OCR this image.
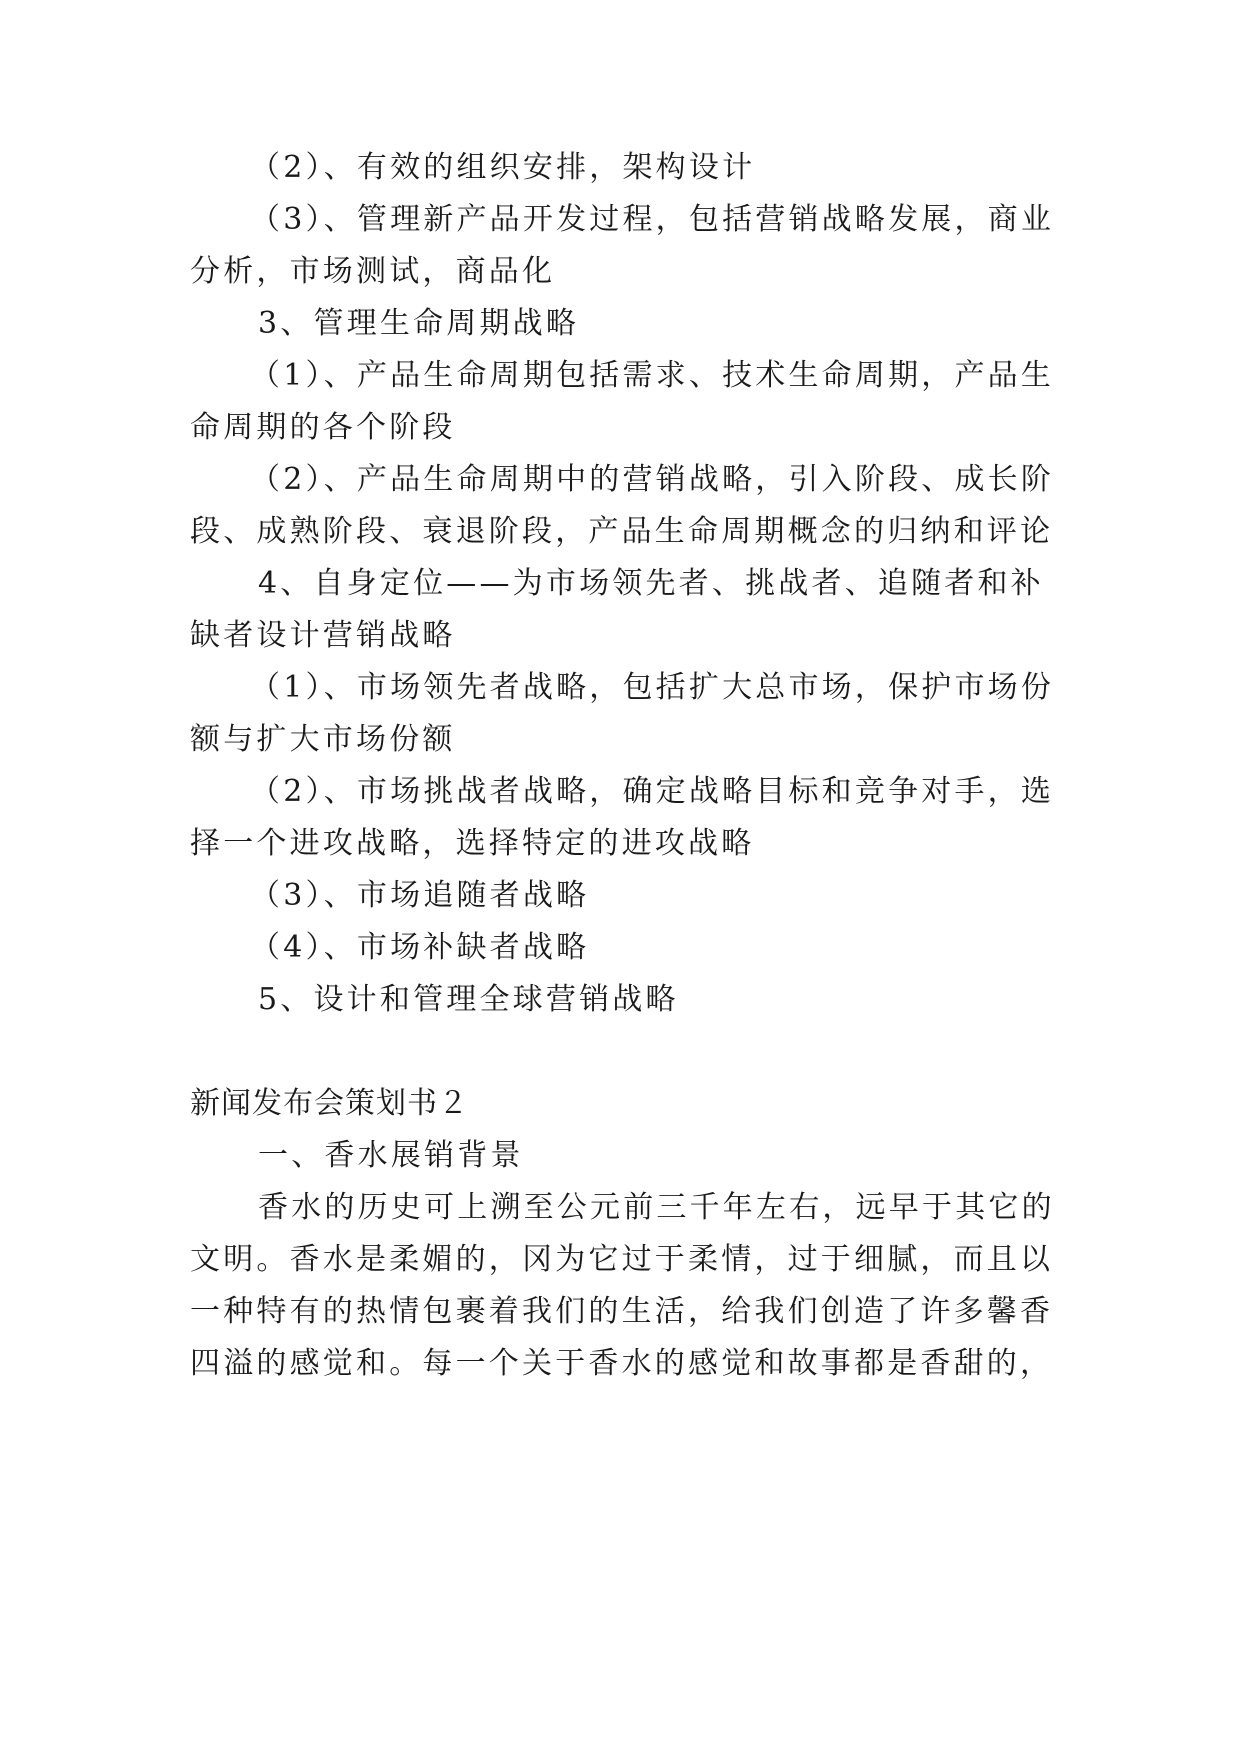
（2）、有效的组织安排，架构设计
（3）、管理新产品开发过程，包括营销战略发展，商业
分析，市场测试，商品化
3、管理生命周期战略
（1）、产品生命周期包括需求、技术生命周期，产品生
命周期的各个阶段
（2）、产品生命周期中的营销战略，引入阶段、成长阶
段、成熟阶段、衰退阶段，产品生命周期概念的归纳和评论
4、自身定位——为市场领先者、挑战者、追随者和补
缺者设计营销战略
（1）、市场领先者战略，包括扩大总市场，保护市场份
额与扩大市场份额
（2）、市场挑战者战略，确定战略目标和竞争对手，选
择一个进攻战略，选择特定的进攻战略
（3）、市场追随者战略
（4）、市场补缺者战略
5、设计和管理全球营销战略
新闻发布会策划书２
一、香水展销背景
香水的历史可上溯至公元前三千年左右，远早于其它的
文明。香水是柔媚的，冈为它过于柔情，过于细腻，而且以
一种特有的热情包裹着我们的生活，给我们创造了许多馨香
四溢的感觉和。每一个关于香水的感觉和故事都是香甜的，
